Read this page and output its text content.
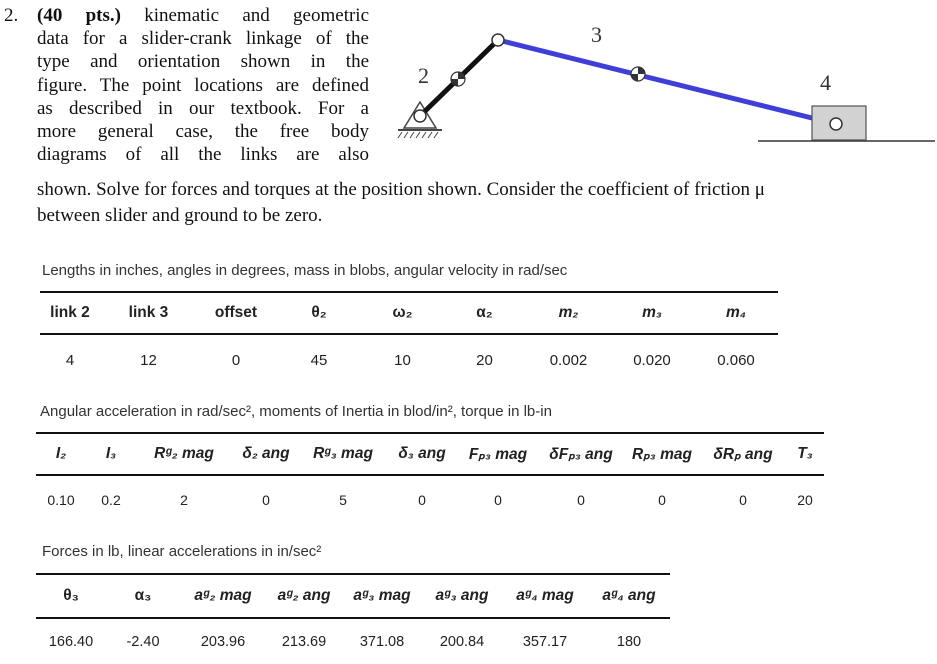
2. (40 pts.) kinematic and geometric
data for a slider-crank linkage of the
type and orientation shown in the
figure. The point locations are defined
as described in our textbook. For a
more general case, the free body
diagrams of all the links are also
shown. Solve for forces and torques at the position shown. Consider the coefficient of friction μ
between slider and ground to be zero.
2
3
4
Lengths in inches, angles in degrees, mass in blobs, angular velocity in rad/sec
link 2	link 3	offset	θ₂	ω₂	α₂	m₂	m₃	m₄
4	12	0	45	10	20	0.002	0.020	0.060
Angular acceleration in rad/sec², moments of Inertia in blod/in², torque in lb-in
I₂	I₃	Rᵍ₂ mag	δ₂ ang	Rᵍ₃ mag	δ₃ ang	Fₚ₃ mag	δFₚ₃ ang	Rₚ₃ mag	δRₚ ang	T₃
0.10	0.2	2	0	5	0	0	0	0	0	20
Forces in lb, linear accelerations in in/sec²
θ₃	α₃	aᵍ₂ mag	aᵍ₂ ang	aᵍ₃ mag	aᵍ₃ ang	aᵍ₄ mag	aᵍ₄ ang
166.40	-2.40	203.96	213.69	371.08	200.84	357.17	180
